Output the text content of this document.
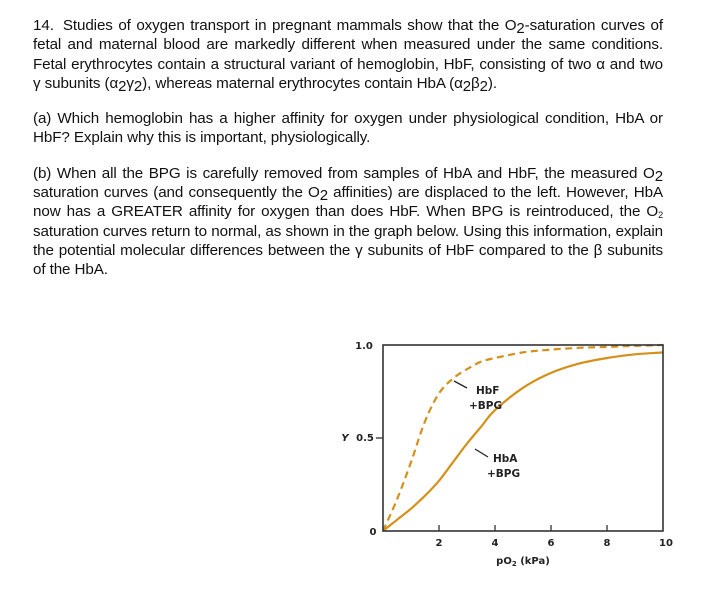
14. Studies of oxygen transport in pregnant mammals show that the $O_2$-saturation curves of fetal and maternal blood are markedly different when measured under the same conditions. Fetal erythrocytes contain a structural variant of hemoglobin, HbF, consisting of two α and two γ subunits $(\alpha_2\gamma_2)$, whereas maternal erythrocytes contain HbA $(\alpha_2\beta_2)$.

(a) Which hemoglobin has a higher affinity for oxygen under physiological condition, HbA or HbF? Explain why this is important, physiologically.

(b) When all the BPG is carefully removed from samples of HbA and HbF, the measured $O_2$ saturation curves (and consequently the $O_2$ affinities) are displaced to the left. However, HbA now has a GREATER affinity for oxygen than does HbF. When BPG is reintroduced, the $O_2$ saturation curves return to normal, as shown in the graph below. Using this information, explain the potential molecular differences between the γ subunits of HbF compared to the β subunits of the HbA.

2	4	6	8	10
1.0
0.5
Y
0
$pO_2$ (kPa)
HbF
+BPG
HbA
+BPG
